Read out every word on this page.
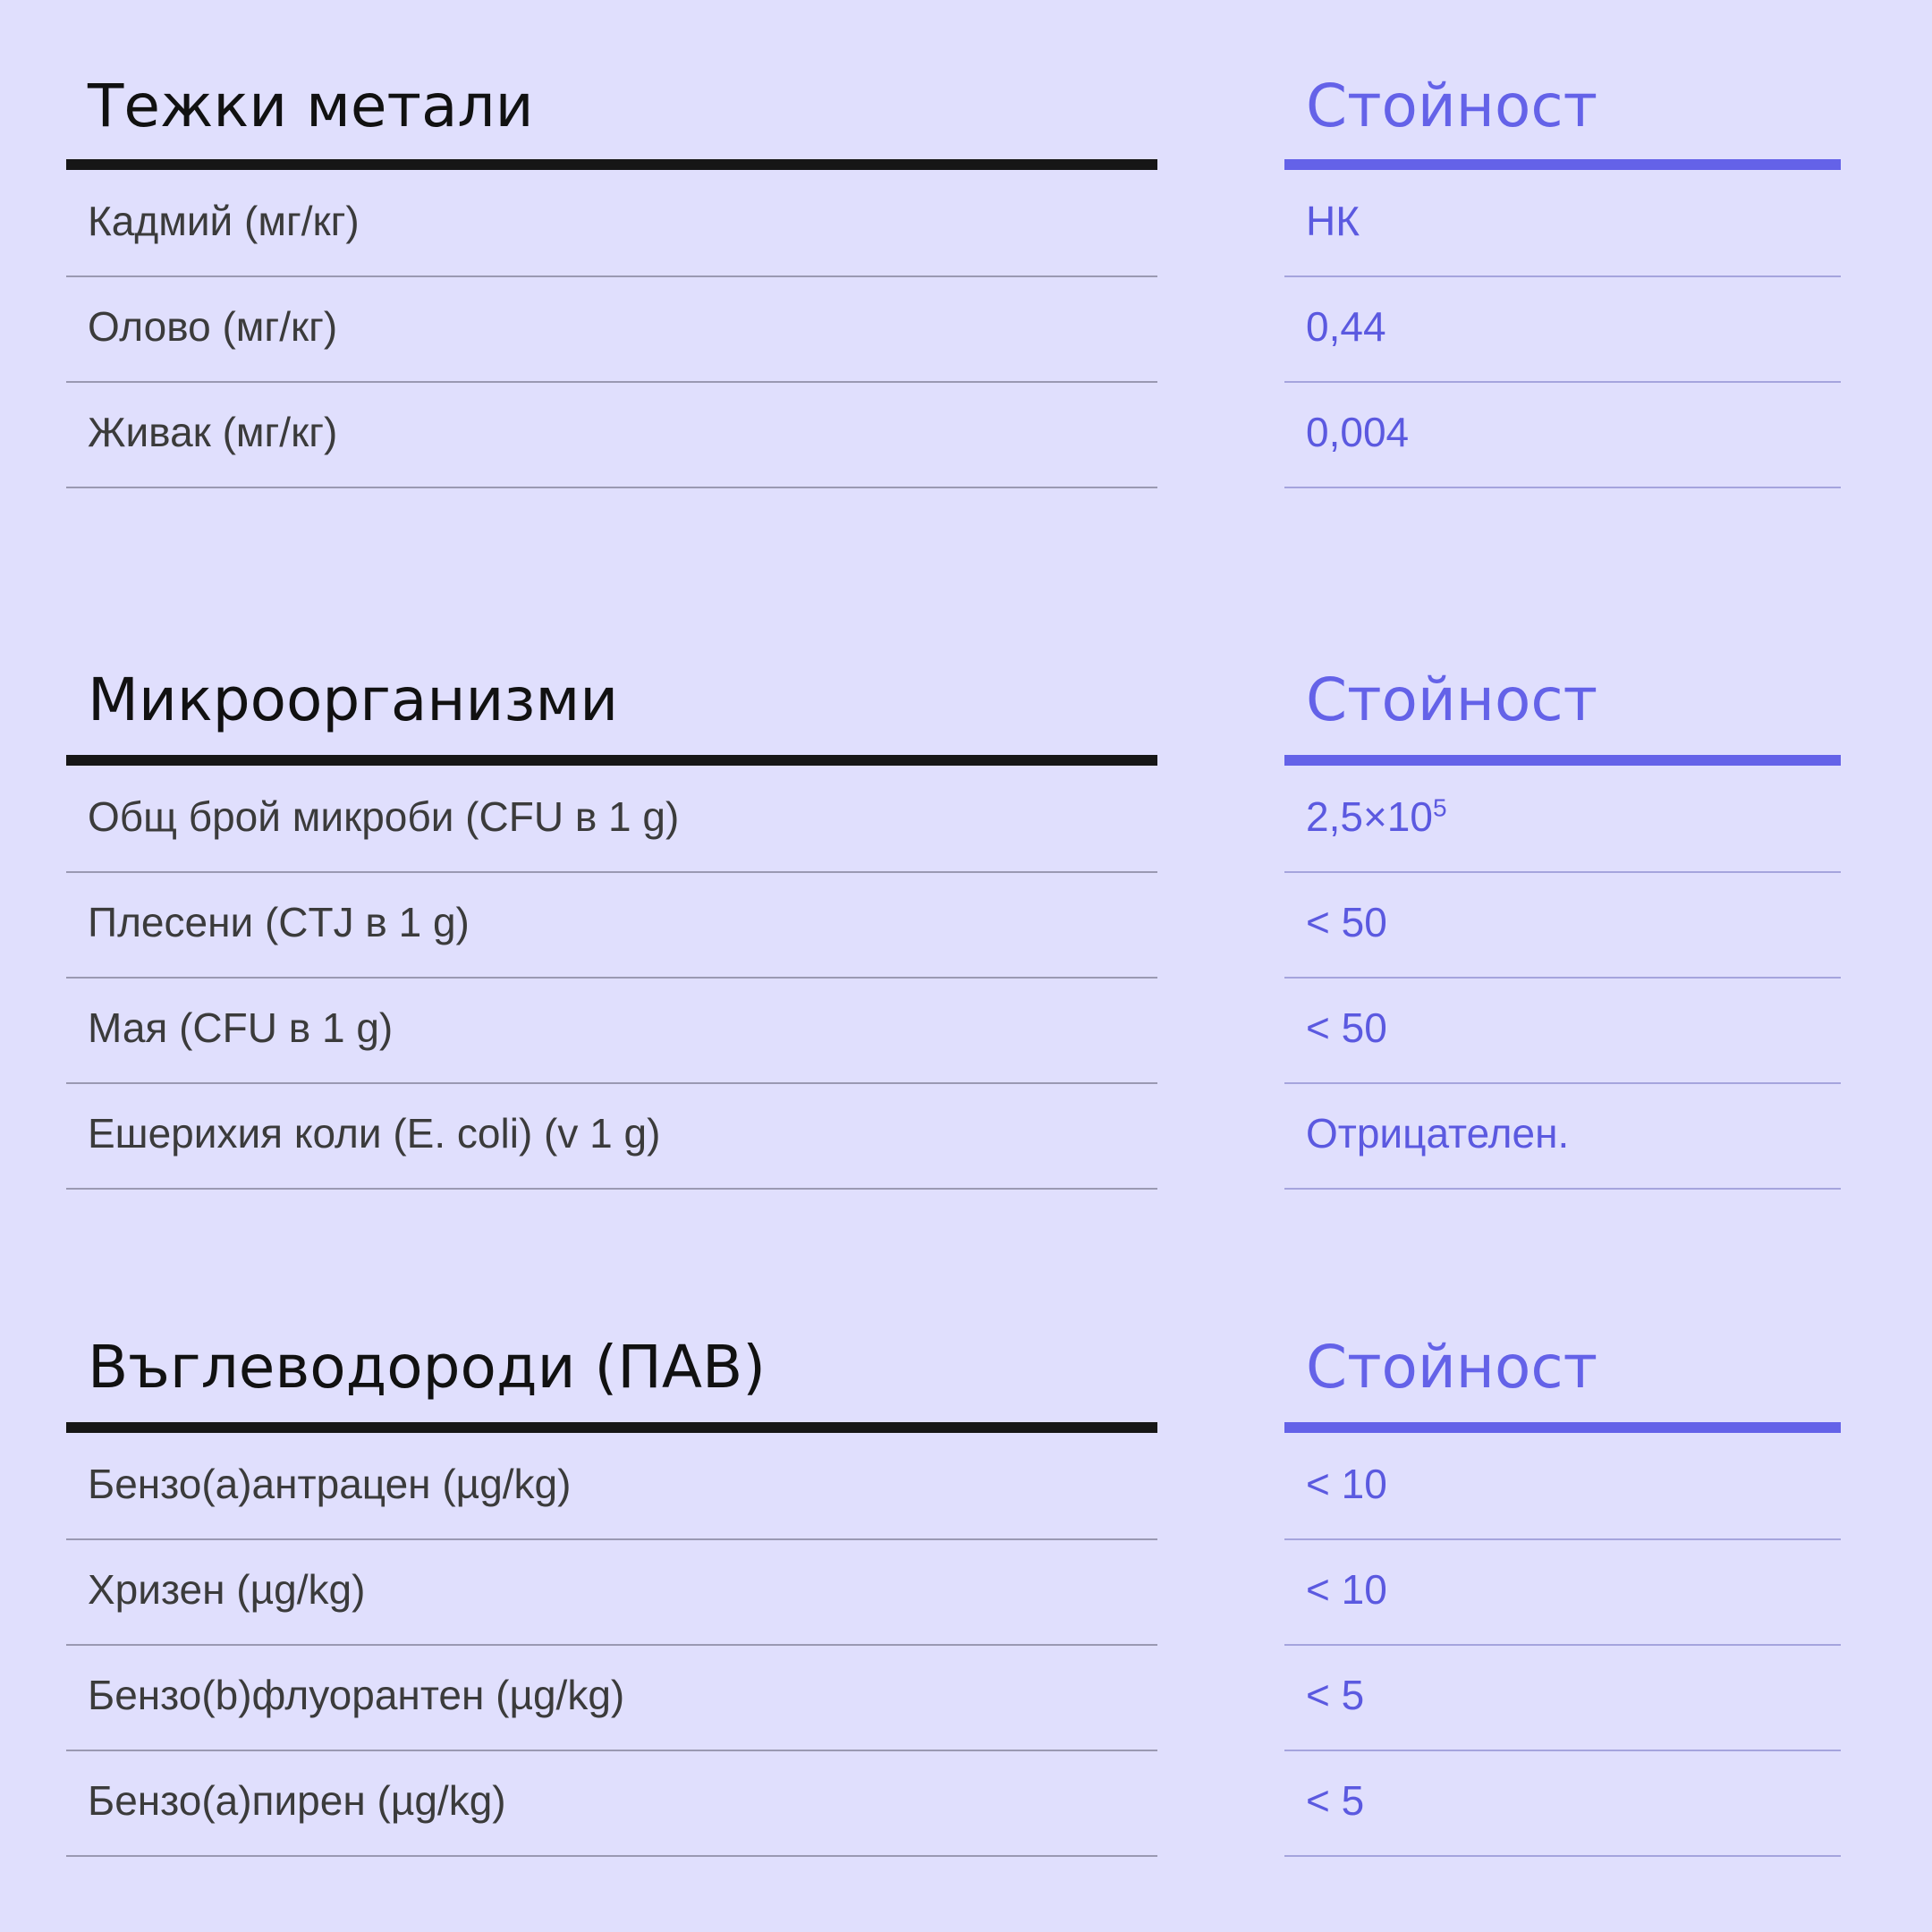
Тежки метали
Кадмий (мг/кг)
Олово (мг/кг)
Живак (мг/кг)
Стойност
НК
0,44
0,004
Микроорганизми
Общ брой микроби (CFU в 1 g)
Плесени (СTJ в 1 g)
Мая (CFU в 1 g)
Ешерихия коли (E. coli) (v 1 g)
Стойност
$2,5\times 10^5$
< 50
< 50
Отрицателен.
Въглеводороди (ПАВ)
Бензо(а)антрацен (µg/kg)
Хризен (µg/kg)
Бензо(b)флуорантен (µg/kg)
Бензо(а)пирен (µg/kg)
Стойност
< 10
< 10
< 5
< 5
